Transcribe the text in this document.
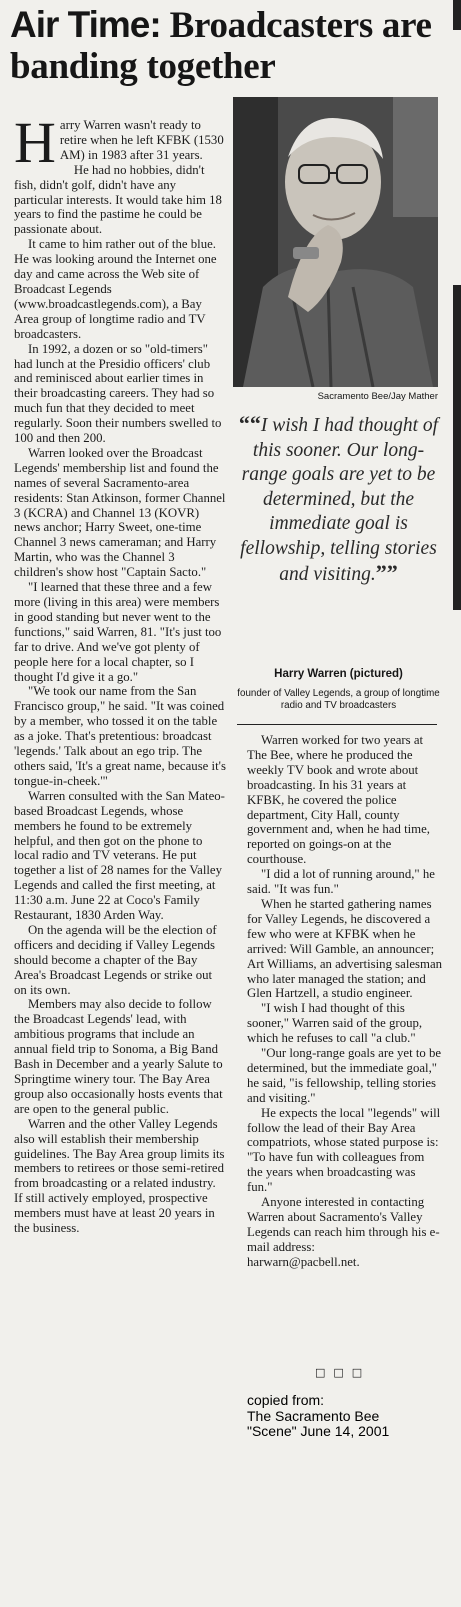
Air Time: Broadcasters are banding together

Harry Warren wasn't ready to retire when he left KFBK (1530 AM) in 1983 after 31 years.

He had no hobbies, didn't fish, didn't golf, didn't have any particular interests. It would take him 18 years to find the pastime he could be passionate about.

It came to him rather out of the blue. He was looking around the Internet one day and came across the Web site of Broadcast Legends (www.broadcastlegends.com), a Bay Area group of longtime radio and TV broadcasters.

In 1992, a dozen or so "old-timers" had lunch at the Presidio officers' club and reminisced about earlier times in their broadcasting careers. They had so much fun that they decided to meet regularly. Soon their numbers swelled to 100 and then 200.

Warren looked over the Broadcast Legends' membership list and found the names of several Sacramento-area residents: Stan Atkinson, former Channel 3 (KCRA) and Channel 13 (KOVR) news anchor; Harry Sweet, one-time Channel 3 news cameraman; and Harry Martin, who was the Channel 3 children's show host "Captain Sacto."

"I learned that these three and a few more (living in this area) were members in good standing but never went to the functions," said Warren, 81. "It's just too far to drive. And we've got plenty of people here for a local chapter, so I thought I'd give it a go."

"We took our name from the San Francisco group," he said. "It was coined by a member, who tossed it on the table as a joke. That's pretentious: broadcast 'legends.' Talk about an ego trip. The others said, 'It's a great name, because it's tongue-in-cheek.'"

Warren consulted with the San Mateo-based Broadcast Legends, whose members he found to be extremely helpful, and then got on the phone to local radio and TV veterans. He put together a list of 28 names for the Valley Legends and called the first meeting, at 11:30 a.m. June 22 at Coco's Family Restaurant, 1830 Arden Way.

On the agenda will be the election of officers and deciding if Valley Legends should become a chapter of the Bay Area's Broadcast Legends or strike out on its own.

Members may also decide to follow the Broadcast Legends' lead, with ambitious programs that include an annual field trip to Sonoma, a Big Band Bash in December and a yearly Salute to Springtime winery tour. The Bay Area group also occasionally hosts events that are open to the general public.

Warren and the other Valley Legends also will establish their membership guidelines. The Bay Area group limits its members to retirees or those semi-retired from broadcasting or a related industry. If still actively employed, prospective members must have at least 20 years in the business.

Sacramento Bee/Jay Mather
““I wish I had thought of this sooner. Our long-range goals are yet to be determined, but the immediate goal is fellowship, telling stories and visiting.””
Harry Warren (pictured)
founder of Valley Legends, a group of longtime radio and TV broadcasters

Warren worked for two years at The Bee, where he produced the weekly TV book and wrote about broadcasting. In his 31 years at KFBK, he covered the police department, City Hall, county government and, when he had time, reported on goings-on at the courthouse.

"I did a lot of running around," he said. "It was fun."

When he started gathering names for Valley Legends, he discovered a few who were at KFBK when he arrived: Will Gamble, an announcer; Art Williams, an advertising salesman who later managed the station; and Glen Hartzell, a studio engineer.

"I wish I had thought of this sooner," Warren said of the group, which he refuses to call "a club."

"Our long-range goals are yet to be determined, but the immediate goal," he said, "is fellowship, telling stories and visiting."

He expects the local "legends" will follow the lead of their Bay Area compatriots, whose stated purpose is: "To have fun with colleagues from the years when broadcasting was fun."

Anyone interested in contacting Warren about Sacramento's Valley Legends can reach him through his e-mail address:

harwarn@pacbell.net.

□□□
copied from:
The Sacramento Bee
"Scene" June 14, 2001
